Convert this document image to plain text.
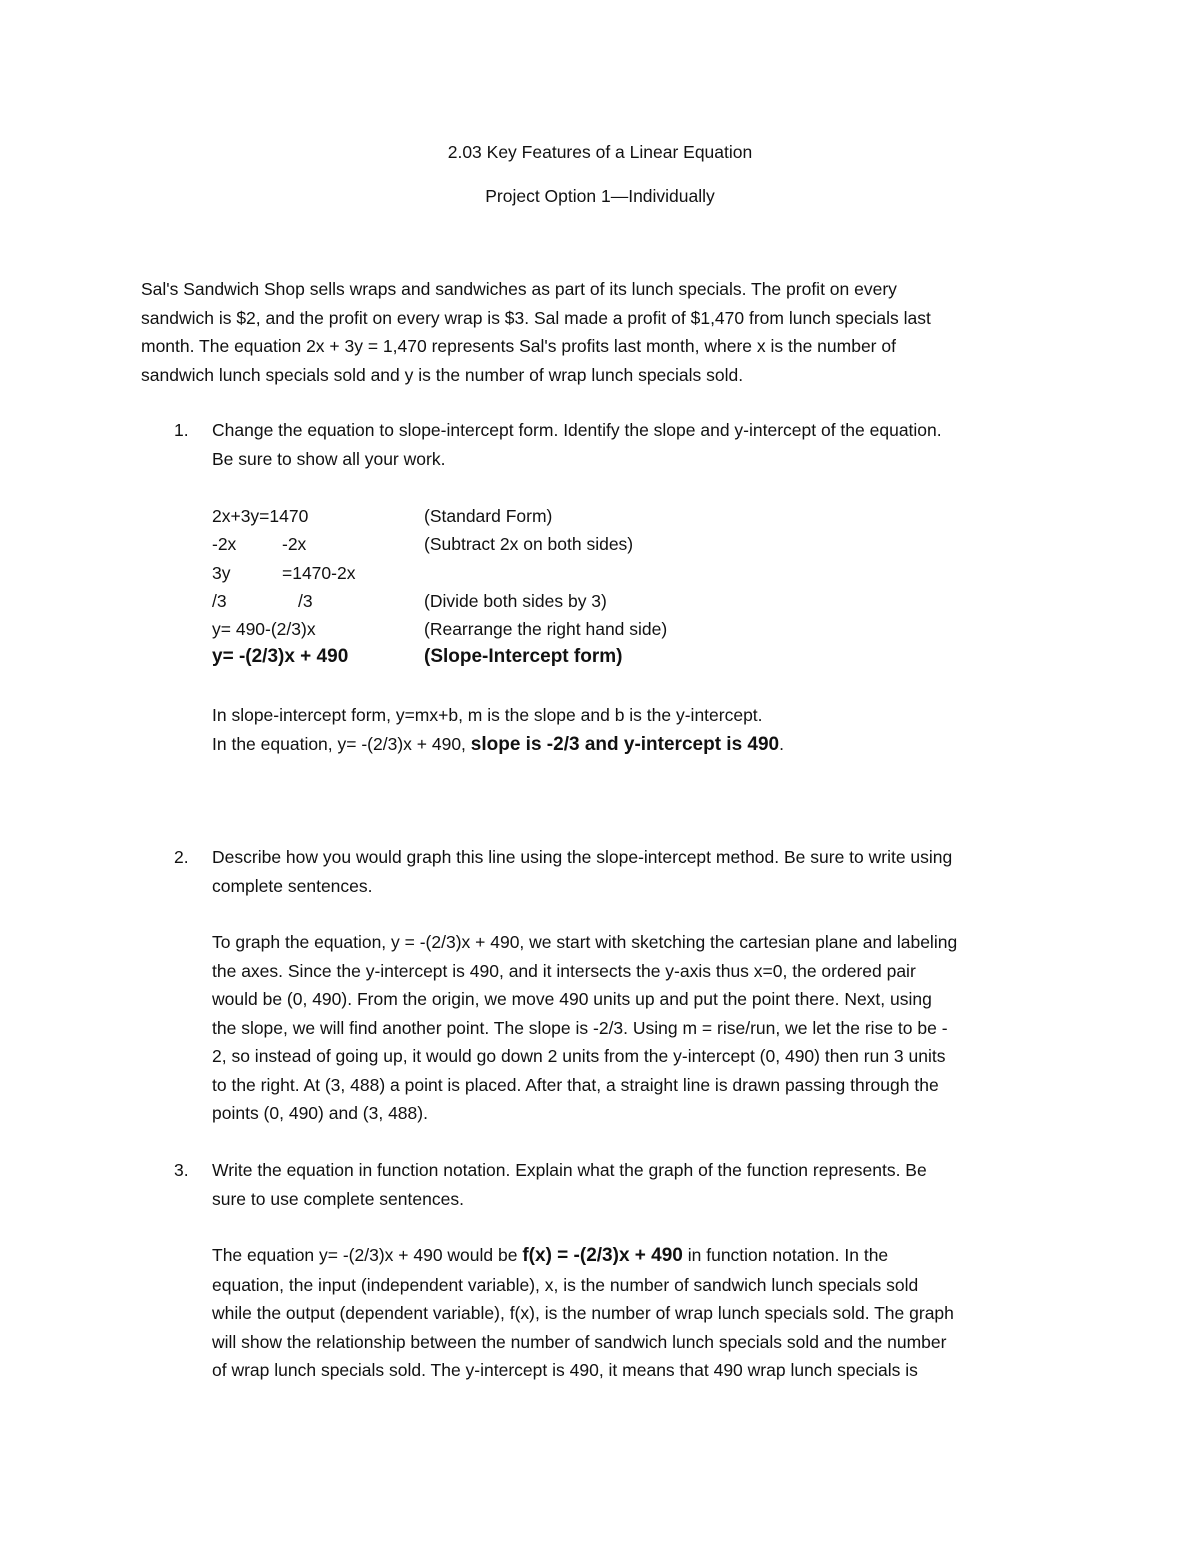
2.03 Key Features of a Linear Equation
Project Option 1—Individually
Sal's Sandwich Shop sells wraps and sandwiches as part of its lunch specials. The profit on every
sandwich is $2, and the profit on every wrap is $3. Sal made a profit of $1,470 from lunch specials last
month. The equation 2x + 3y = 1,470 represents Sal's profits last month, where x is the number of
sandwich lunch specials sold and y is the number of wrap lunch specials sold.
1. Change the equation to slope-intercept form. Identify the slope and y-intercept of the equation.
Be sure to show all your work.
2x+3y=1470	(Standard Form)
-2x	-2x	(Subtract 2x on both sides)
3y	=1470-2x
/3	/3	(Divide both sides by 3)
y= 490-(2/3)x	(Rearrange the right hand side)
y= -(2/3)x + 490	(Slope-Intercept form)
In slope-intercept form, y=mx+b, m is the slope and b is the y-intercept.
In the equation, y= -(2/3)x + 490, slope is -2/3 and y-intercept is 490.
2. Describe how you would graph this line using the slope-intercept method. Be sure to write using
complete sentences.
To graph the equation, y = -(2/3)x + 490, we start with sketching the cartesian plane and labeling
the axes. Since the y-intercept is 490, and it intersects the y-axis thus x=0, the ordered pair
would be (0, 490). From the origin, we move 490 units up and put the point there. Next, using
the slope, we will find another point. The slope is -2/3. Using m = rise/run, we let the rise to be -
2, so instead of going up, it would go down 2 units from the y-intercept (0, 490) then run 3 units
to the right. At (3, 488) a point is placed. After that, a straight line is drawn passing through the
points (0, 490) and (3, 488).
3. Write the equation in function notation. Explain what the graph of the function represents. Be
sure to use complete sentences.
The equation y= -(2/3)x + 490 would be f(x) = -(2/3)x + 490 in function notation. In the
equation, the input (independent variable), x, is the number of sandwich lunch specials sold
while the output (dependent variable), f(x), is the number of wrap lunch specials sold. The graph
will show the relationship between the number of sandwich lunch specials sold and the number
of wrap lunch specials sold. The y-intercept is 490, it means that 490 wrap lunch specials is
